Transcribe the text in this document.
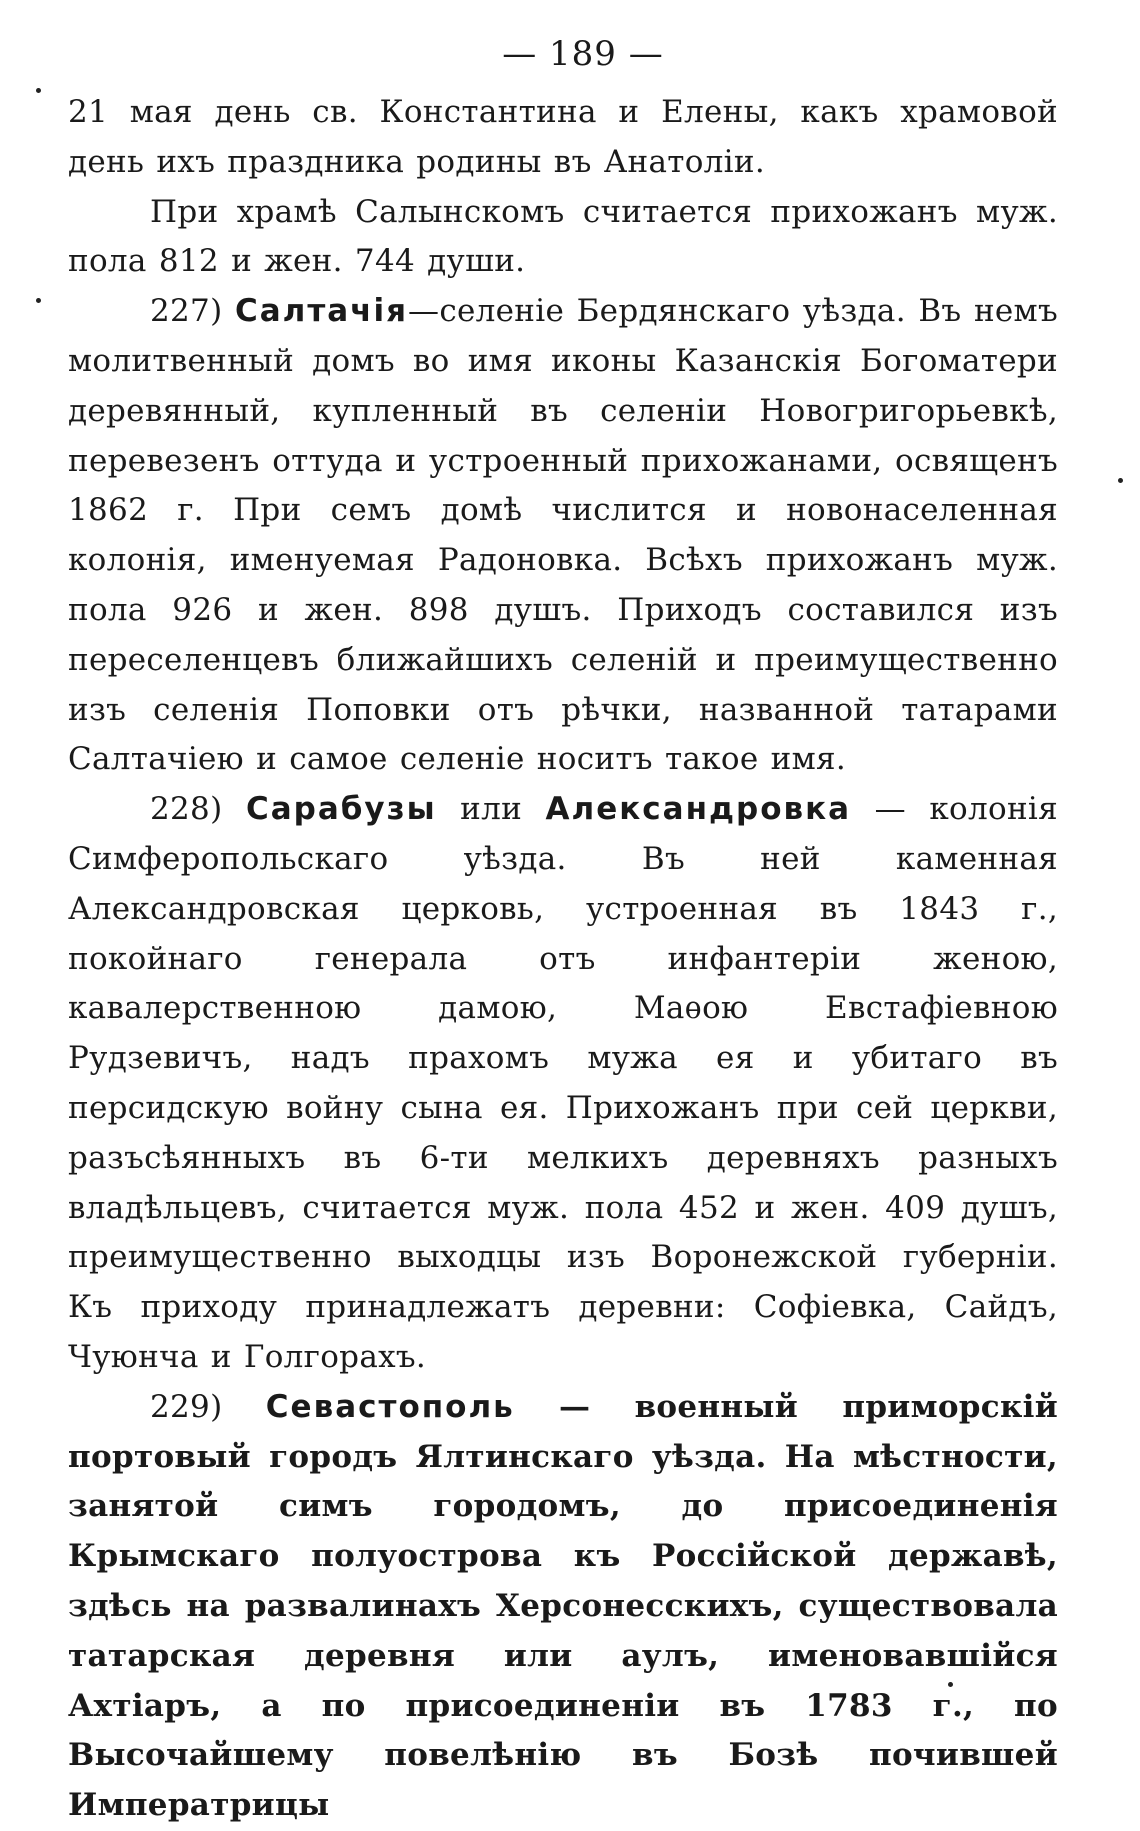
— 189 —

21 мая день св. Константина и Елены, какъ храмовой день ихъ праздника родины въ Анатоліи.

При храмѣ Салынскомъ считается прихожанъ муж. пола 812 и жен. 744 души.

227) Салтачія—селеніе Бердянскаго уѣзда. Въ немъ молитвенный домъ во имя иконы Казанскія Богоматери деревянный, купленный въ селеніи Новогригорьевкѣ, перевезенъ оттуда и устроенный прихожанами, освященъ 1862 г. При семъ домѣ числится и новонаселенная колонія, именуемая Радоновка. Всѣхъ прихожанъ муж. пола 926 и жен. 898 душъ. Приходъ составился изъ переселенцевъ ближайшихъ селеній и преимущественно изъ селенія Поповки отъ рѣчки, названной татарами Салтачіею и самое селеніе носитъ такое имя.

228) Сарабузы или Александровка — колонія Симферопольскаго уѣзда. Въ ней каменная Александровская церковь, устроенная въ 1843 г., покойнаго генерала отъ инфантеріи женою, кавалерственною дамою, Маѳою Евстафіевною Рудзевичъ, надъ прахомъ мужа ея и убитаго въ персидскую войну сына ея. Прихожанъ при сей церкви, разъсѣянныхъ въ 6-ти мелкихъ деревняхъ разныхъ владѣльцевъ, считается муж. пола 452 и жен. 409 душъ, преимущественно выходцы изъ Воронежской губерніи. Къ приходу принадлежатъ деревни: Софіевка, Сайдъ, Чуюнча и Голгорахъ.

229) Севастополь — военный приморскій портовый городъ Ялтинскаго уѣзда. На мѣстности, занятой симъ городомъ, до присоединенія Крымскаго полуострова къ Россійской державѣ, здѣсь на развалинахъ Херсонесскихъ, существовала татарская деревня или аулъ, именовавшійся Ахтіаръ, а по присоединеніи въ 1783 г., по Высочайшему повелѣнію въ Бозѣ почившей Императрицы
